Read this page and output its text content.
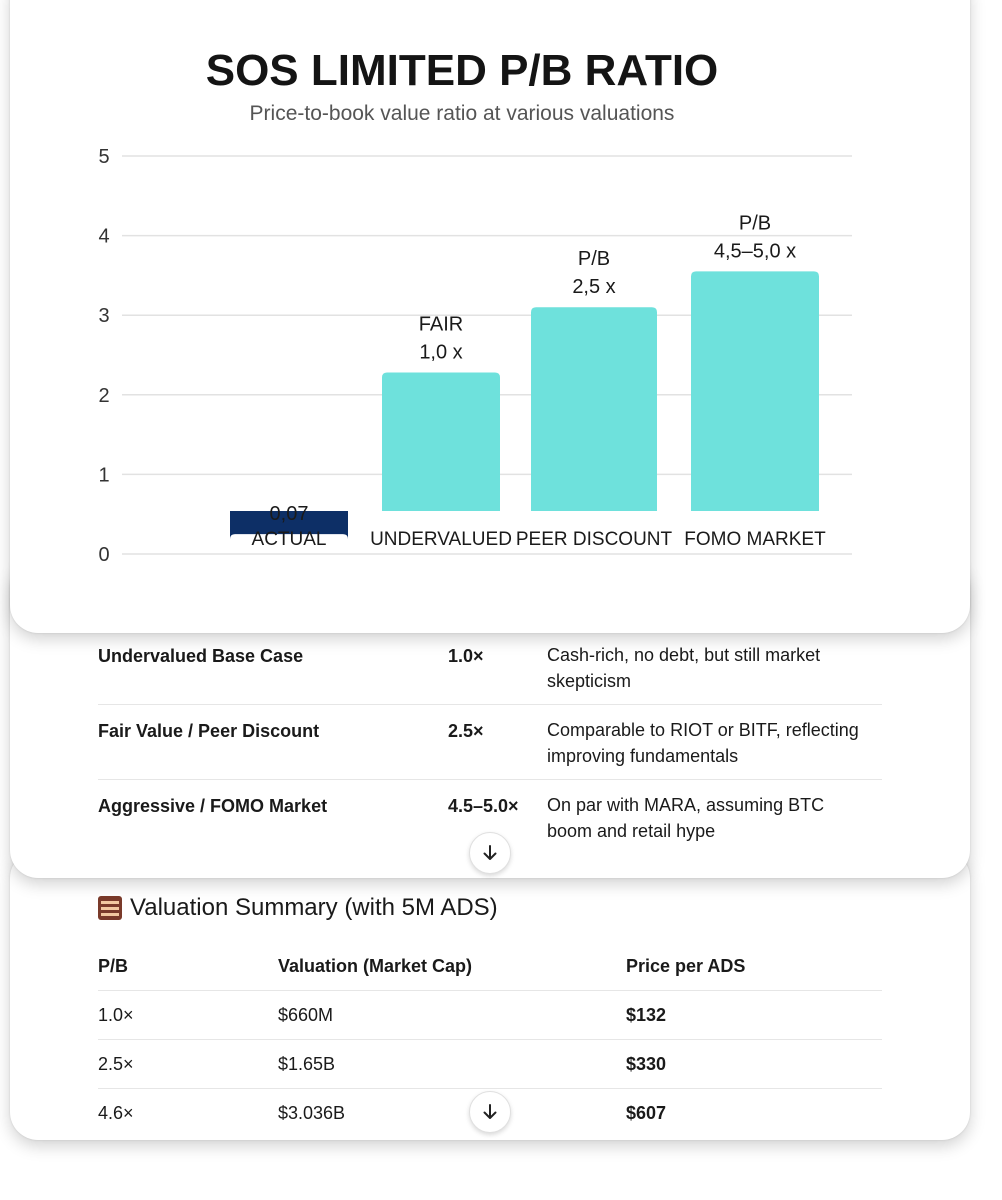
Valuation Summary (with 5M ADS)
P/B	Valuation (Market Cap)	Price per ADS
1.0×	$660M	$132
2.5×	$1.65B	$330
4.6×	$3.036B	$607
Undervalued Base Case	1.0×	Cash-rich, no debt, but still market skepticism
Fair Value / Peer Discount	2.5×	Comparable to RIOT or BITF, reflecting improving fundamentals
Aggressive / FOMO Market	4.5–5.0× On par with MARA, assuming BTC boom and retail hype
SOS LIMITED P/B RATIO
Price-to-book value ratio at various valuations
0
1
2
3
4
5
ACTUAL
0,07
UNDERVALUED
FAIR
1,0 x
PEER DISCOUNT
P/B
2,5 x
FOMO MARKET
P/B
4,5–5,0 x
